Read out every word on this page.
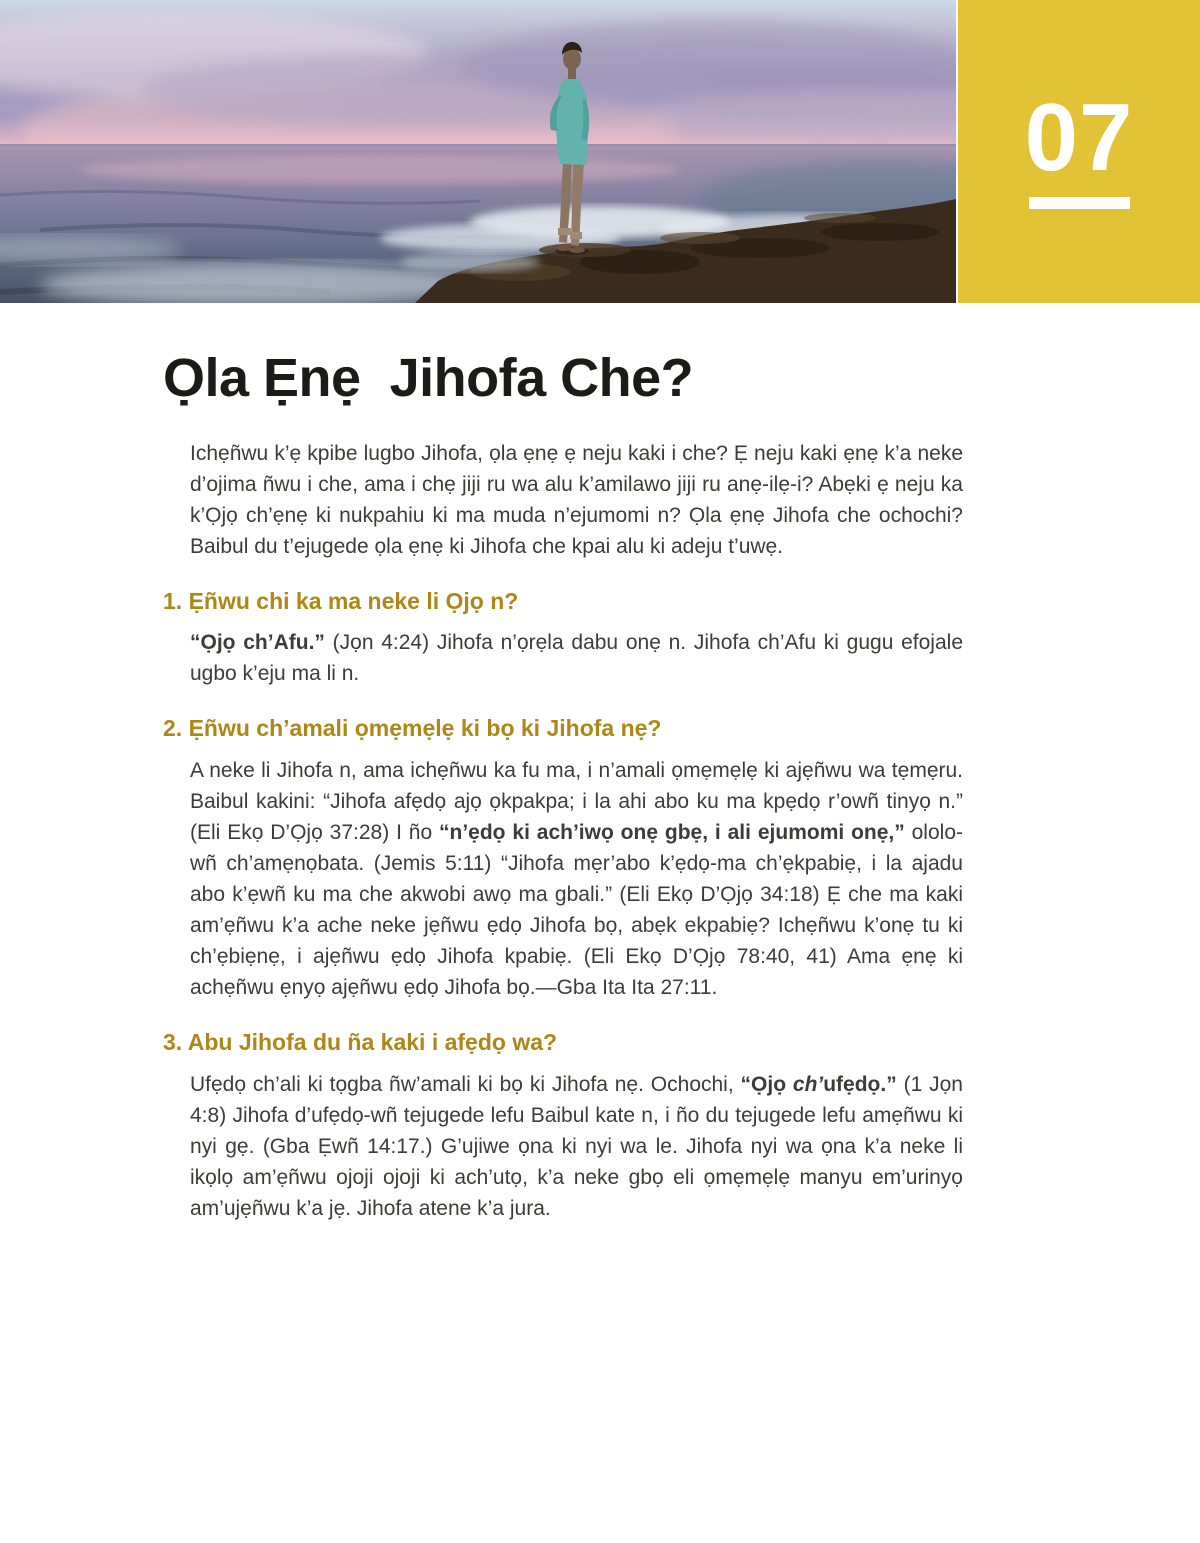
07
Ọla Ẹnẹ  Jihofa Che?

Ichẹñwu k’ẹ kpibe lugbo Jihofa, ọla ẹnẹ ẹ neju kaki i che? Ẹ neju kaki ẹnẹ k’a neke d’ojima ñwu i che, ama i chẹ jiji ru wa alu k’amilawo jiji ru anẹ-ilẹ-i? Abẹki ẹ neju ka k’Ọjọ ch’ẹnẹ ki nukpahiu ki ma muda n’ejumomi n? Ọla ẹnẹ Jihofa che ochochi? Baibul du t’ejugede ọla ẹnẹ ki Jihofa che kpai alu ki adeju t’uwẹ.

1. Ẹñwu chi ka ma neke li Ọjọ n?

“Ọjọ ch’Afu.” (Jọn 4:24) Jihofa n’ọrẹla dabu onẹ n. Jihofa ch’Afu ki gugu efojale ugbo k’eju ma li n.

2. Ẹñwu ch’amali ọmẹmẹlẹ ki bọ ki Jihofa nẹ?

A neke li Jihofa n, ama ichẹñwu ka fu ma, i n’amali ọmẹmẹlẹ ki ajẹñwu wa tẹmẹru. Baibul kakini: “Jihofa afẹdọ ajọ ọkpakpa; i la ahi abo ku ma kpẹdọ r’owñ tinyọ n.” (Eli Ekọ D’Ọjọ 37:28) I ño “n’ẹdọ ki ach’iwọ onẹ gbẹ, i ali ejumomi onẹ,” ololo-wñ ch’amẹnọbata. (Jemis 5:11) “Jihofa mẹr’abo k’ẹdọ-ma ch’ẹkpabiẹ, i la ajadu abo k’ẹwñ ku ma che akwobi awọ ma gbali.” (Eli Ekọ D’Ọjọ 34:18) Ẹ che ma kaki am’ẹñwu k’a ache neke jẹñwu ẹdọ Jihofa bọ, abẹk ekpabiẹ? Ichẹñwu k’onẹ tu ki ch’ẹbiẹnẹ, i ajẹñwu ẹdọ Jihofa kpabiẹ. (Eli Ekọ D’Ọjọ 78:40, 41) Ama ẹnẹ ki achẹñwu ẹnyọ ajẹñwu ẹdọ Jihofa bọ.—Gba Ita Ita 27:11.

3. Abu Jihofa du ña kaki i afẹdọ wa?

Ufẹdọ ch’ali ki tọgba ñw’amali ki bọ ki Jihofa nẹ. Ochochi, “Ọjọ ch’ufẹdọ.” (1 Jọn 4:8) Jihofa d’ufẹdọ-wñ tejugede lefu Baibul kate n, i ño du tejugede lefu amẹñwu ki nyi gẹ. (Gba Ẹwñ 14:17.) G’ujiwe ọna ki nyi wa le. Jihofa nyi wa ọna k’a neke li ikọlọ am’ẹñwu ojoji ojoji ki ach’utọ, k’a neke gbọ eli ọmẹmẹlẹ manyu em’urinyọ am’ujẹñwu k’a jẹ. Jihofa atene k’a jura.
